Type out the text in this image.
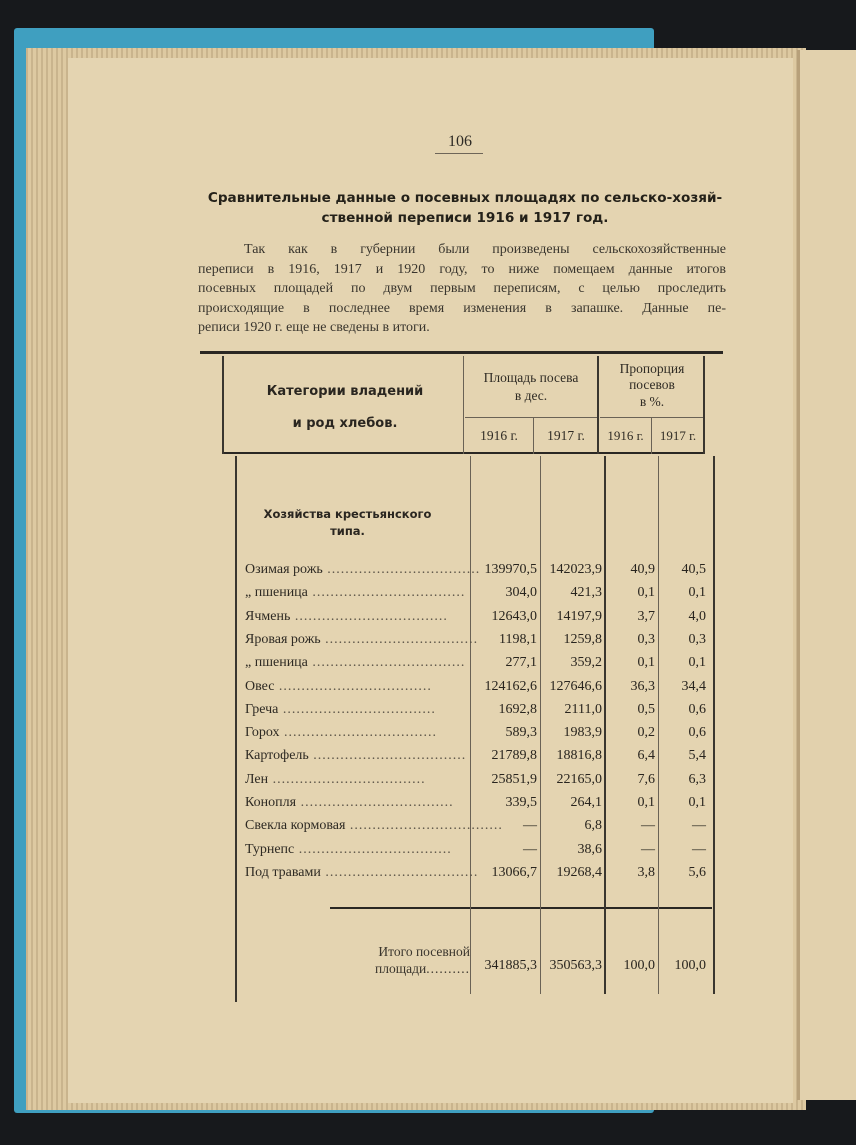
106
Сравнительные данные о посевных площадях по сельско-хозяй-
ственной переписи 1916 и 1917 год.
Так как в губернии были произведены сельскохозяйственные
переписи в 1916, 1917 и 1920 году, то ниже помещаем данные итогов
посевных площадей по двум первым переписям, с целью проследить
происходящие в последнее время изменения в запашке. Данные пе-
реписи 1920 г. еще не сведены в итоги.
Категории владений
и род хлебов.
Площадь посева
в дес.
Пропорция
посевов
в %.
1916 г.	1917 г.	1916 г.	1917 г.
Хозяйства крестьянского
типа.
Озимая рожь .................................. 139970,5 142023,9	40,9	40,5
„ пшеница ..................................	304,0	421,3	0,1	0,1
Ячмень ..................................	12643,0	14197,9	3,7	4,0
Яровая рожь ..................................	1198,1	1259,8	0,3	0,3
„ пшеница ..................................	277,1	359,2	0,1	0,1
Овес ..................................	124162,6 127646,6	36,3	34,4
Греча ..................................	1692,8	2111,0	0,5	0,6
Горох ..................................	589,3	1983,9	0,2	0,6
Картофель ..................................	21789,8	18816,8	6,4	5,4
Лен ..................................	25851,9	22165,0	7,6	6,3
Конопля ..................................	339,5	264,1	0,1	0,1
Свекла кормовая ..................................	—	6,8	—	—
Турнепс ..................................	—	38,6	—	—
Под травами .................................. 13066,7	19268,4	3,8	5,6
Итого посевной
площади..........	341885,3 350563,3	100,0	100,0
